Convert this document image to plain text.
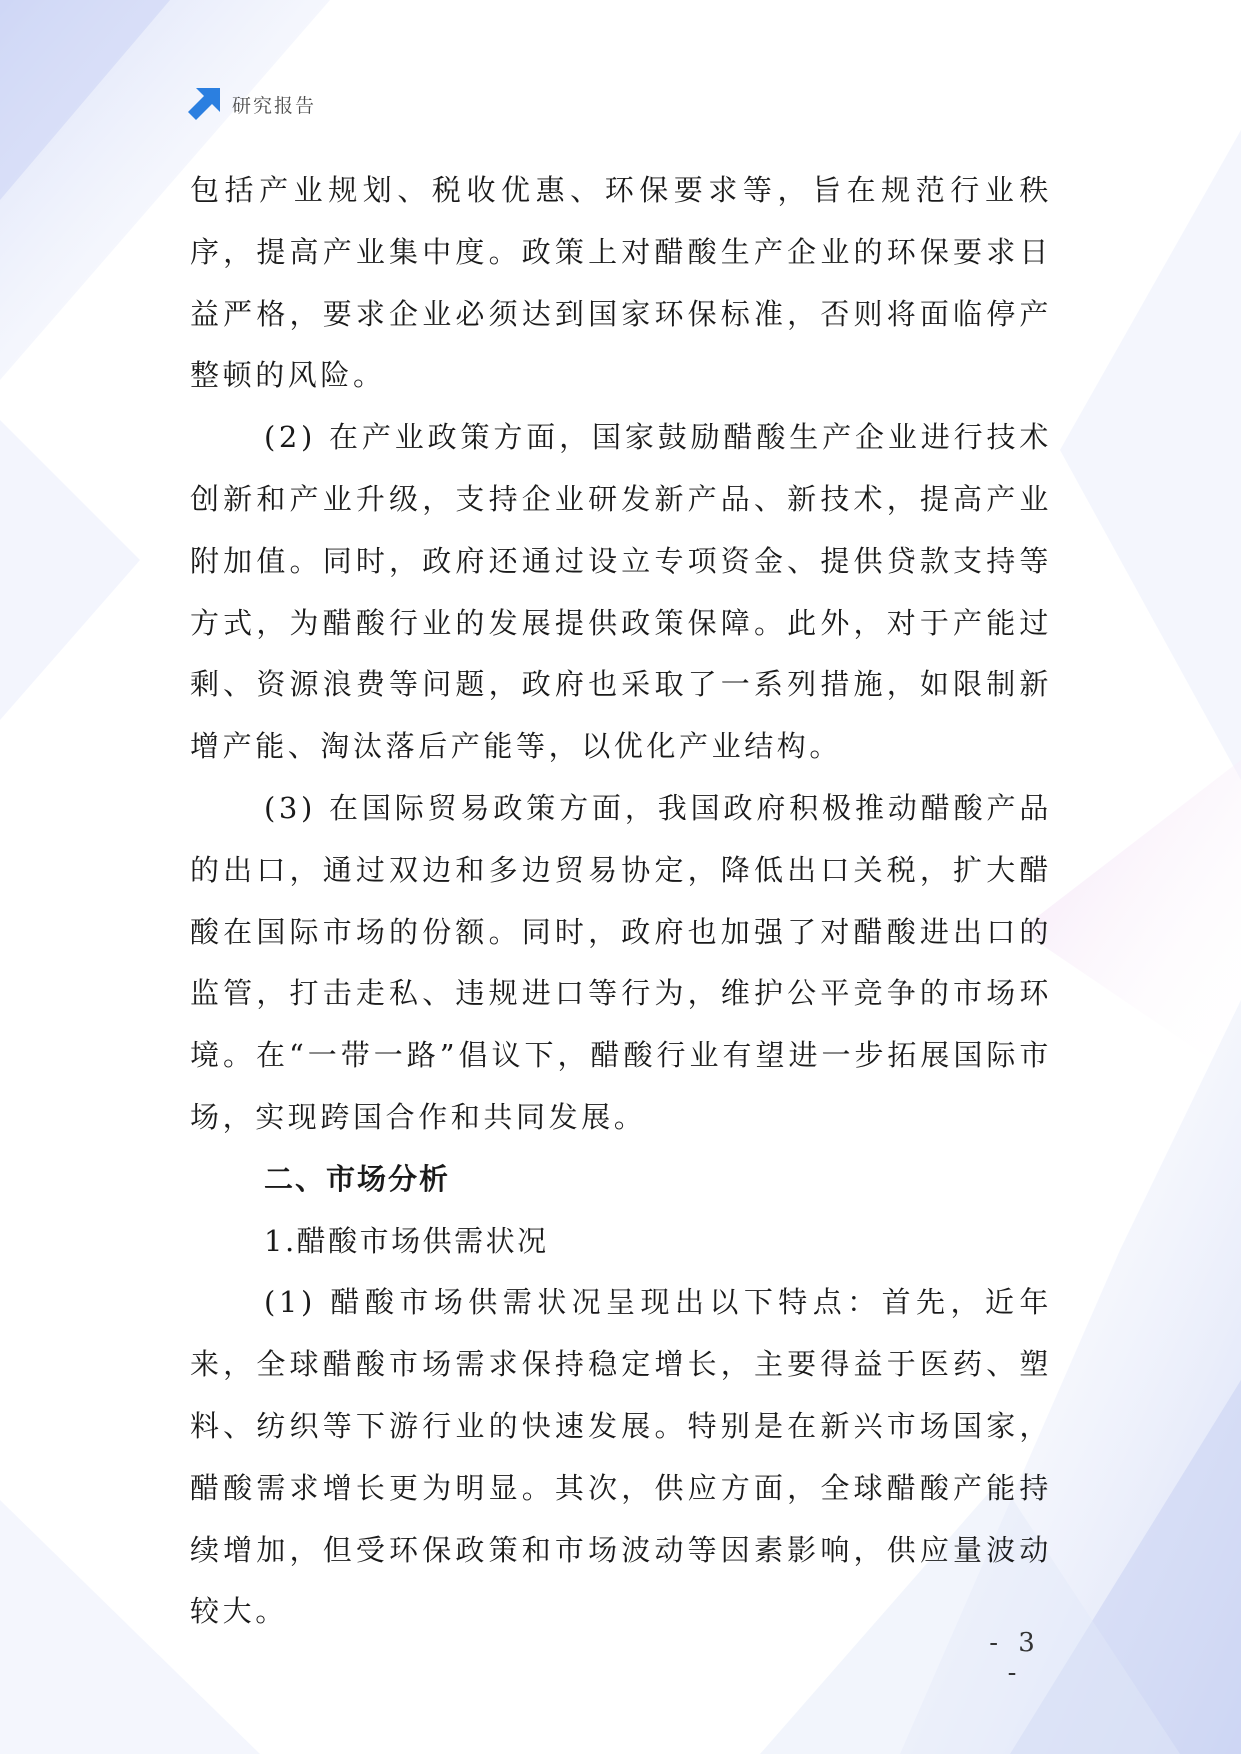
研究报告

包括产业规划、税收优惠、环保要求等，旨在规范行业秩序，提高产业集中度。政策上对醋酸生产企业的环保要求日益严格，要求企业必须达到国家环保标准，否则将面临停产整顿的风险。

(2) 在产业政策方面，国家鼓励醋酸生产企业进行技术创新和产业升级，支持企业研发新产品、新技术，提高产业附加值。同时，政府还通过设立专项资金、提供贷款支持等方式，为醋酸行业的发展提供政策保障。此外，对于产能过剩、资源浪费等问题，政府也采取了一系列措施，如限制新增产能、淘汰落后产能等，以优化产业结构。

(3) 在国际贸易政策方面，我国政府积极推动醋酸产品的出口，通过双边和多边贸易协定，降低出口关税，扩大醋酸在国际市场的份额。同时，政府也加强了对醋酸进出口的监管，打击走私、违规进口等行为，维护公平竞争的市场环境。在“一带一路”倡议下，醋酸行业有望进一步拓展国际市场，实现跨国合作和共同发展。

二、市场分析

1.醋酸市场供需状况

(1) 醋酸市场供需状况呈现出以下特点：首先，近年来，全球醋酸市场需求保持稳定增长，主要得益于医药、塑料、纺织等下游行业的快速发展。特别是在新兴市场国家，醋酸需求增长更为明显。其次，供应方面，全球醋酸产能持续增加，但受环保政策和市场波动等因素影响，供应量波动较大。

- 3 -
